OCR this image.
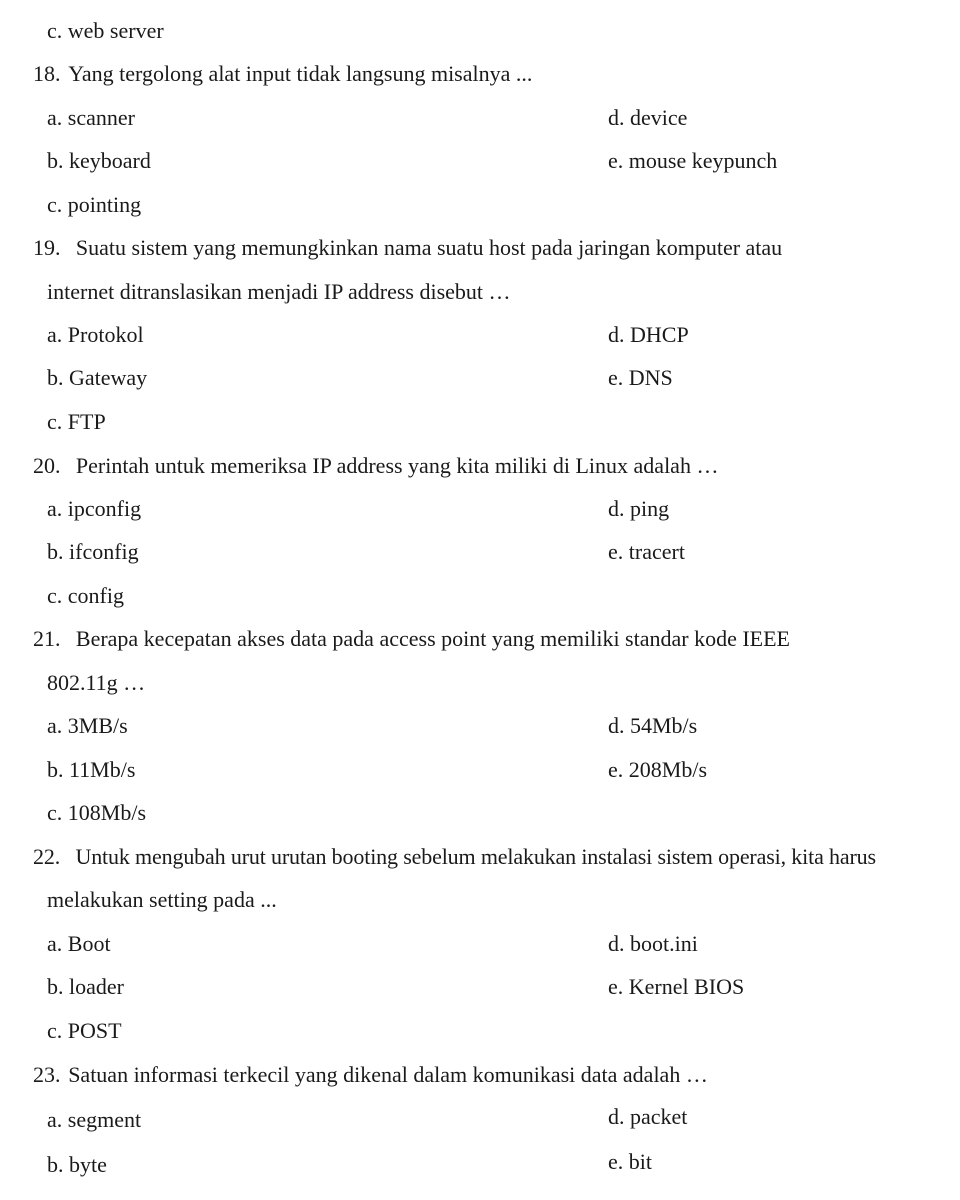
c. web server
18. Yang tergolong alat input tidak langsung misalnya ...
a. scanner	d. device
b. keyboard	e. mouse keypunch
c. pointing
19. Suatu sistem yang memungkinkan nama suatu host pada jaringan komputer atau
internet ditranslasikan menjadi IP address disebut …
a. Protokol	d. DHCP
b. Gateway	e. DNS
c. FTP
20. Perintah untuk memeriksa IP address yang kita miliki di Linux adalah …
a. ipconfig	d. ping
b. ifconfig	e. tracert
c. config
21. Berapa kecepatan akses data pada access point yang memiliki standar kode IEEE
802.11g …
a. 3MB/s	d. 54Mb/s
b. 11Mb/s	e. 208Mb/s
c. 108Mb/s
22. Untuk mengubah urut urutan booting sebelum melakukan instalasi sistem operasi, kita harus
melakukan setting pada ...
a. Boot	d. boot.ini
b. loader	e. Kernel BIOS
c. POST
23. Satuan informasi terkecil yang dikenal dalam komunikasi data adalah …
a. segment	d. packet
b. byte	e. bit
